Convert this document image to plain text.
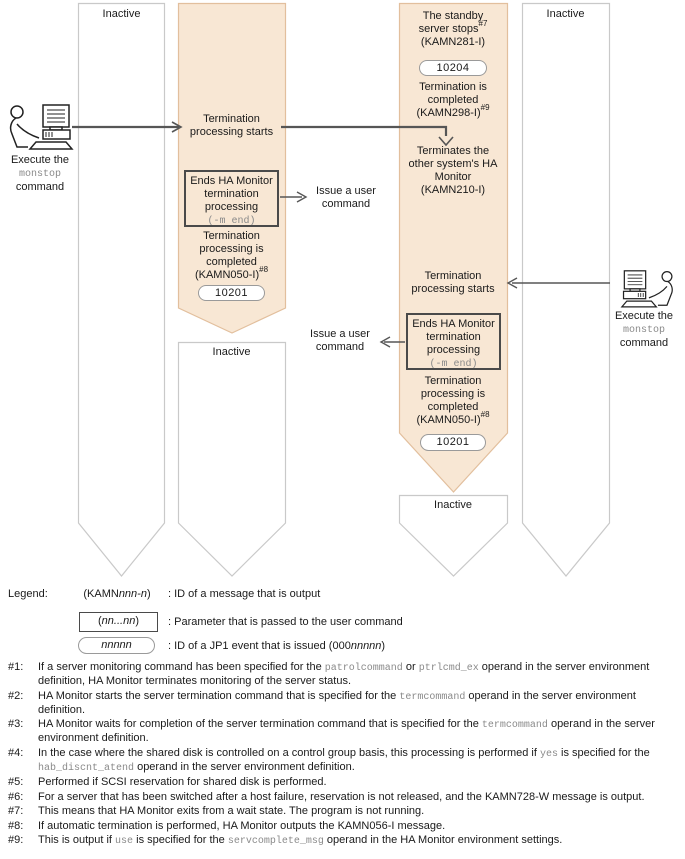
Inactive
Inactive
Inactive
Inactive
Execute the
monstop
command
Execute the
monstop
command
Termination
processing starts
Ends HA Monitor
termination
processing
(-m end)
Termination
processing is
completed
(KAMN050-I)$^{\#8}$
10201
Issue a user
command
The standby
server stops$^{\#7}$
(KAMN281-I)
10204
Termination is
completed
(KAMN298-I)$^{\#9}$
Terminates the
other system's HA
Monitor
(KAMN210-I)
Termination
processing starts
Ends HA Monitor
termination
processing
(-m end)
Termination
processing is
completed
(KAMN050-I)$^{\#8}$
10201
Issue a user
command
Legend:	(KAMNnnn-n)	: ID of a message that is output
(nn...nn)	: Parameter that is passed to the user command
nnnnn	: ID of a JP1 event that is issued (000nnnnn)
#1:	If a server monitoring command has been specified for the patrolcommand or ptrlcmd_ex operand in the server environment definition, HA Monitor terminates monitoring of the server status.
#2:	HA Monitor starts the server termination command that is specified for the termcommand operand in the server environment definition.
#3:	HA Monitor waits for completion of the server termination command that is specified for the termcommand operand in the server environment definition.
#4:	In the case where the shared disk is controlled on a control group basis, this processing is performed if yes is specified for the hab_discnt_atend operand in the server environment definition.
#5:	Performed if SCSI reservation for shared disk is performed.
#6:	For a server that has been switched after a host failure, reservation is not released, and the KAMN728-W message is output.
#7:	This means that HA Monitor exits from a wait state. The program is not running.
#8:	If automatic termination is performed, HA Monitor outputs the KAMN056-I message.
#9:	This is output if use is specified for the servcomplete_msg operand in the HA Monitor environment settings.
